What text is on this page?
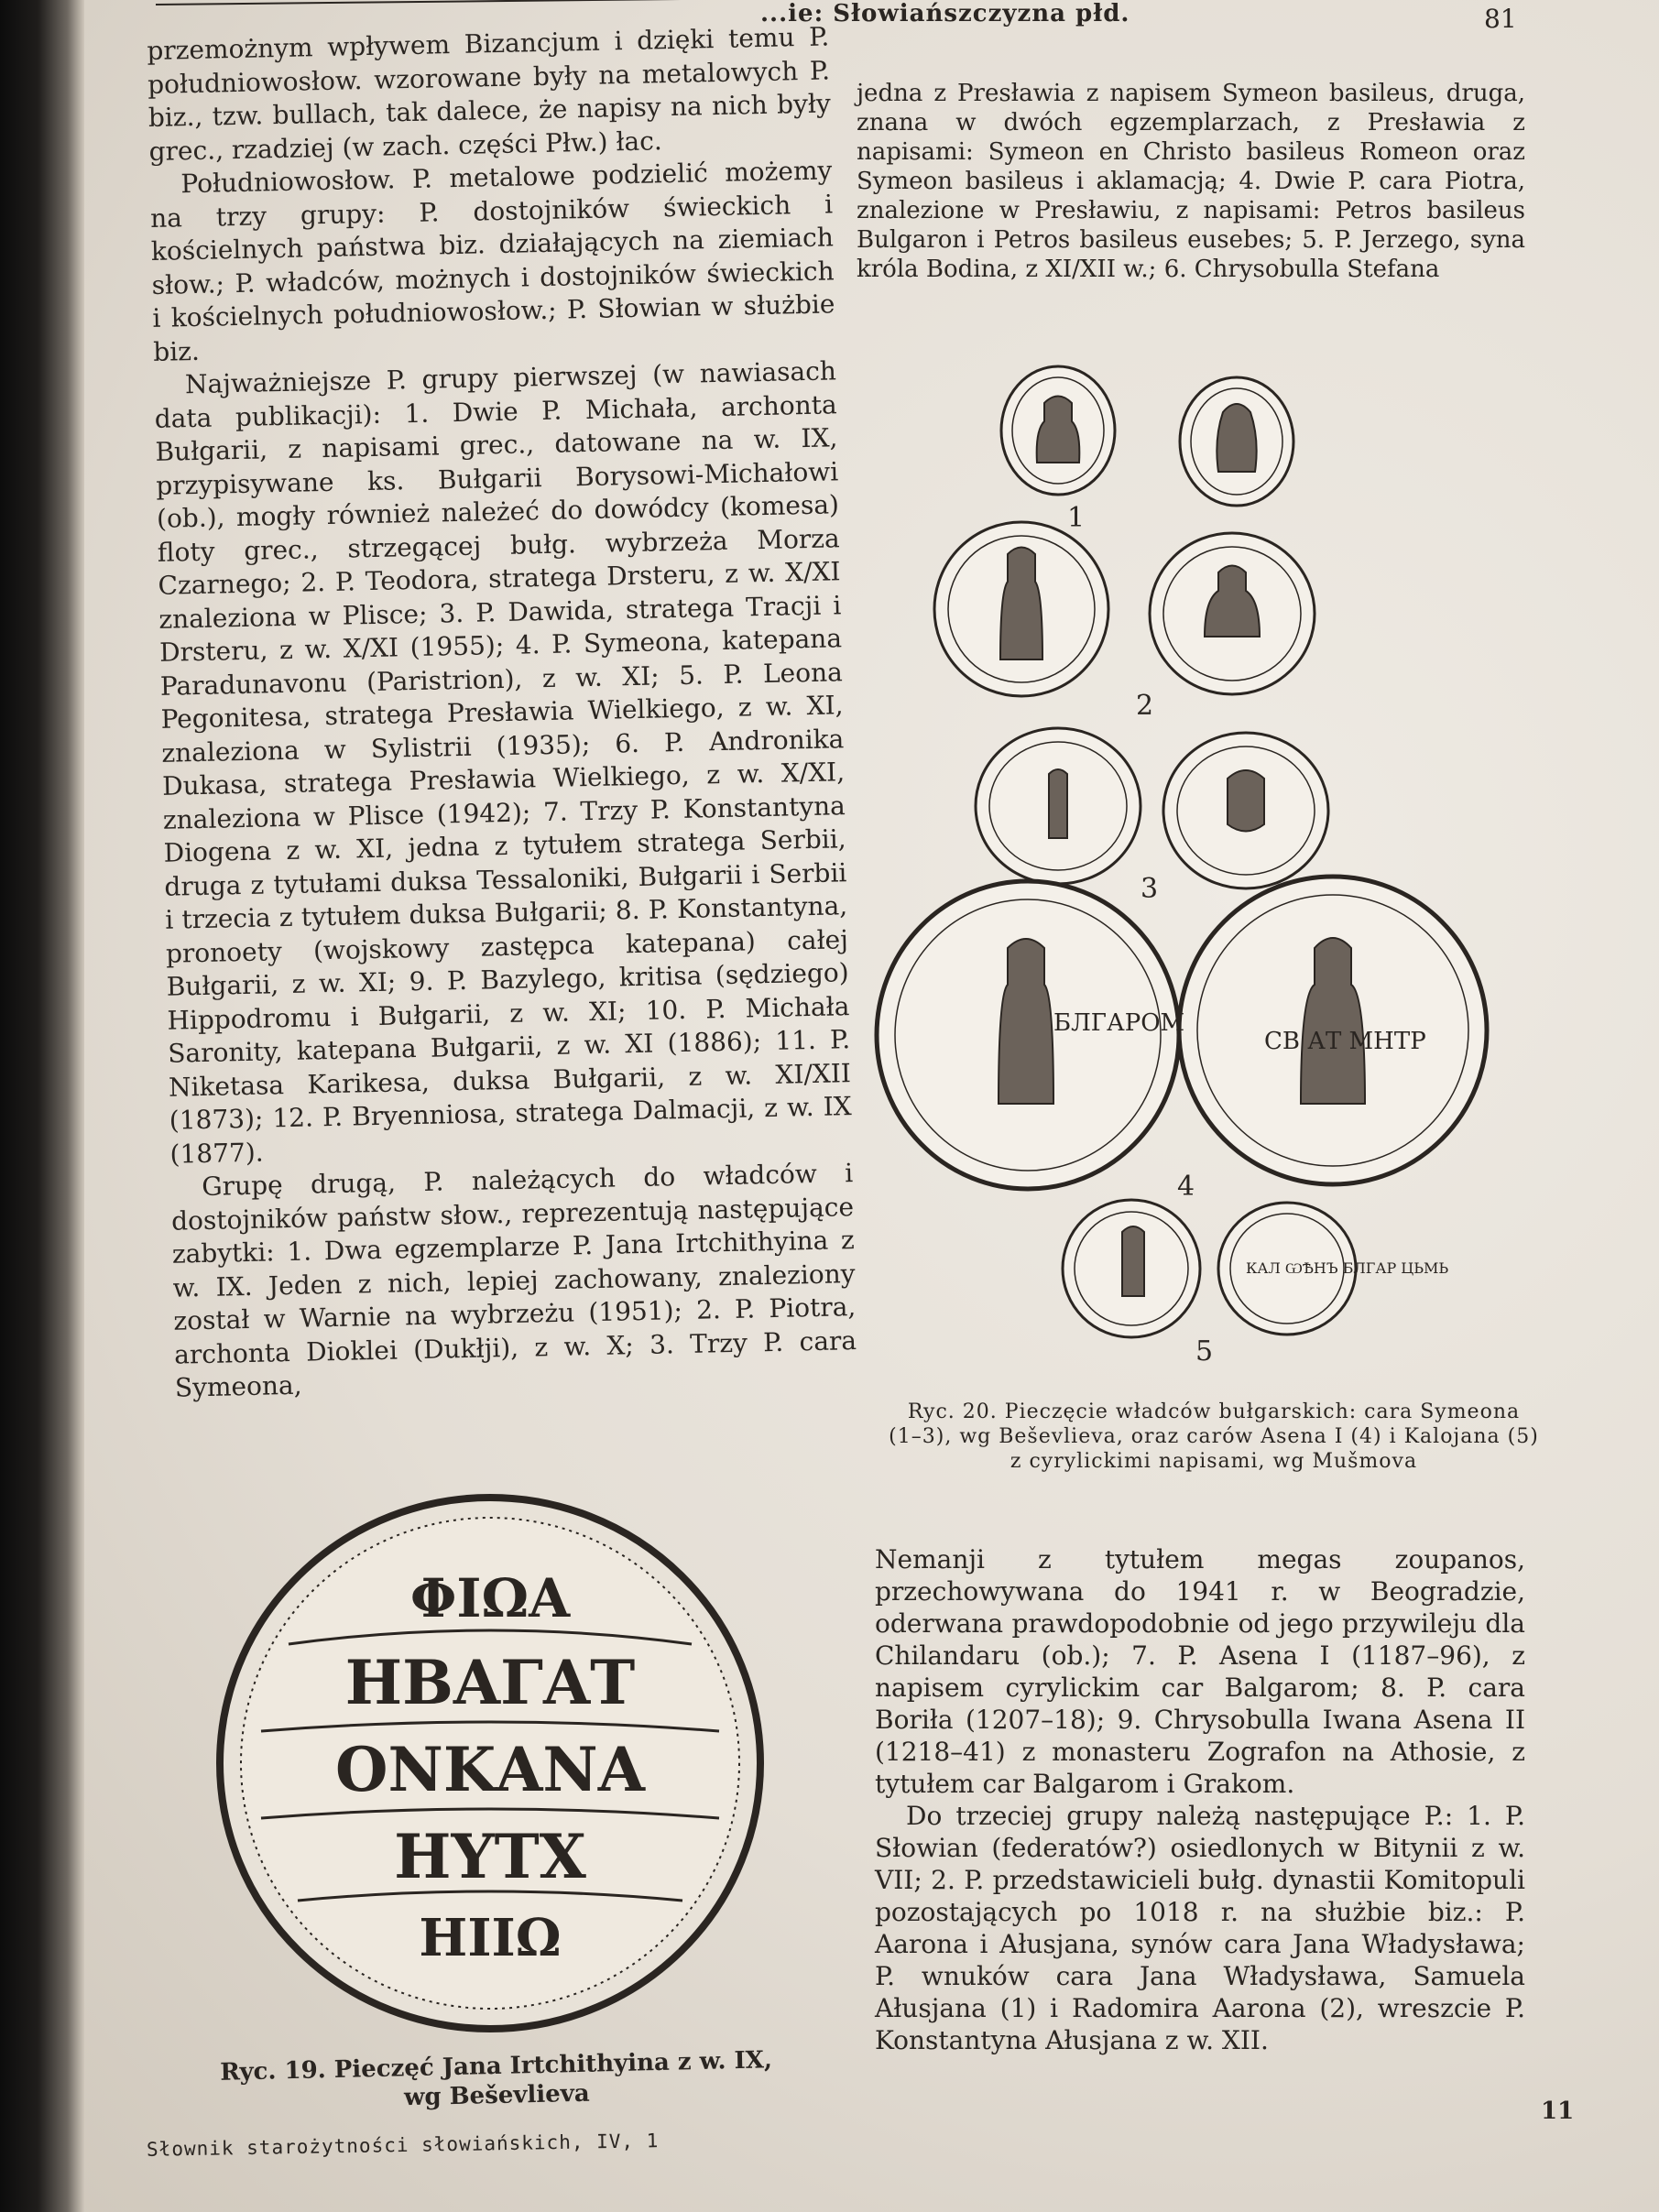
...ie: Słowiańszczyzna płd.	81

przemożnym wpływem Bizancjum i dzięki temu P. południowosłow. wzorowane były na metalowych P. biz., tzw. bullach, tak dalece, że napisy na nich były grec., rzadziej (w zach. części Płw.) łac.

Południowosłow. P. metalowe podzielić możemy na trzy grupy: P. dostojników świeckich i kościelnych państwa biz. działających na ziemiach słow.; P. władców, możnych i dostojników świeckich i kościelnych południowosłow.; P. Słowian w służbie biz.

Najważniejsze P. grupy pierwszej (w nawiasach data publikacji): 1. Dwie P. Michała, archonta Bułgarii, z napisami grec., datowane na w. IX, przypisywane ks. Bułgarii Borysowi-Michałowi (ob.), mogły również należeć do dowódcy (komesa) floty grec., strzegącej bułg. wybrzeża Morza Czarnego; 2. P. Teodora, stratega Drsteru, z w. X/XI znaleziona w Plisce; 3. P. Dawida, stratega Tracji i Drsteru, z w. X/XI (1955); 4. P. Symeona, katepana Paradunavonu (Paristrion), z w. XI; 5. P. Leona Pegonitesa, stratega Presławia Wielkiego, z w. XI, znaleziona w Sylistrii (1935); 6. P. Andronika Dukasa, stratega Presławia Wielkiego, z w. X/XI, znaleziona w Plisce (1942); 7. Trzy P. Konstantyna Diogena z w. XI, jedna z tytułem stratega Serbii, druga z tytułami duksa Tessaloniki, Bułgarii i Serbii i trzecia z tytułem duksa Bułgarii; 8. P. Konstantyna, pronoety (wojskowy zastępca katepana) całej Bułgarii, z w. XI; 9. P. Bazylego, kritisa (sędziego) Hippodromu i Bułgarii, z w. XI; 10. P. Michała Saronity, katepana Bułgarii, z w. XI (1886); 11. P. Niketasa Karikesa, duksa Bułgarii, z w. XI/XII (1873); 12. P. Bryenniosa, stratega Dalmacji, z w. IX (1877).

Grupę drugą, P. należących do władców i dostojników państw słow., reprezentują następujące zabytki: 1. Dwa egzemplarze P. Jana Irtchithyina z w. IX. Jeden z nich, lepiej zachowany, znaleziony został w Warnie na wybrzeżu (1951); 2. P. Piotra, archonta Dioklei (Dukłji), z w. X; 3. Trzy P. cara Symeona,

jedna z Presławia z napisem Symeon basileus, druga, znana w dwóch egzemplarzach, z Presławia z napisami: Symeon en Christo basileus Romeon oraz Symeon basileus i aklamacją; 4. Dwie P. cara Piotra, znalezione w Presławiu, z napisami: Petros basileus Bulgaron i Petros basileus eusebes; 5. P. Jerzego, syna króla Bodina, z XI/XII w.; 6. Chrysobulla Stefana

1
2
3
4
5
БЛГАРОМ
СВ АТ МНТР
КАЛ ѠѢНЪ БЛГАР ЦЬМЬ
Ryc. 20. Pieczęcie władców bułgarskich: cara Symeona (1–3), wg Beševlieva, oraz carów Asena I (4) i Kalojana (5) z cyrylickimi napisami, wg Mušmova

Nemanji z tytułem megas zoupanos, przechowywana do 1941 r. w Beogradzie, oderwana prawdopodobnie od jego przywileju dla Chilandaru (ob.); 7. P. Asena I (1187–96), z napisem cyrylickim car Balgarom; 8. P. cara Boriła (1207–18); 9. Chrysobulla Iwana Asena II (1218–41) z monasteru Zografon na Athosie, z tytułem car Balgarom i Grakom.

Do trzeciej grupy należą następujące P.: 1. P. Słowian (federatów?) osiedlonych w Bitynii z w. VII; 2. P. przedstawicieli bułg. dynastii Komitopuli pozostających po 1018 r. na służbie biz.: P. Aarona i Ałusjana, synów cara Jana Władysława; P. wnuków cara Jana Władysława, Samuela Ałusjana (1) i Radomira Aarona (2), wreszcie P. Konstantyna Ałusjana z w. XII.

ΦΙΩΑ
ΗΒΑΓΑΤ
ΟΝΚΑΝΑ
ΗΥΤΧ
ΗΙΙΩ
Ryc. 19. Pieczęć Jana Irtchithyina z w. IX, wg Beševlieva
Słownik starożytności słowiańskich, IV, 1
11
